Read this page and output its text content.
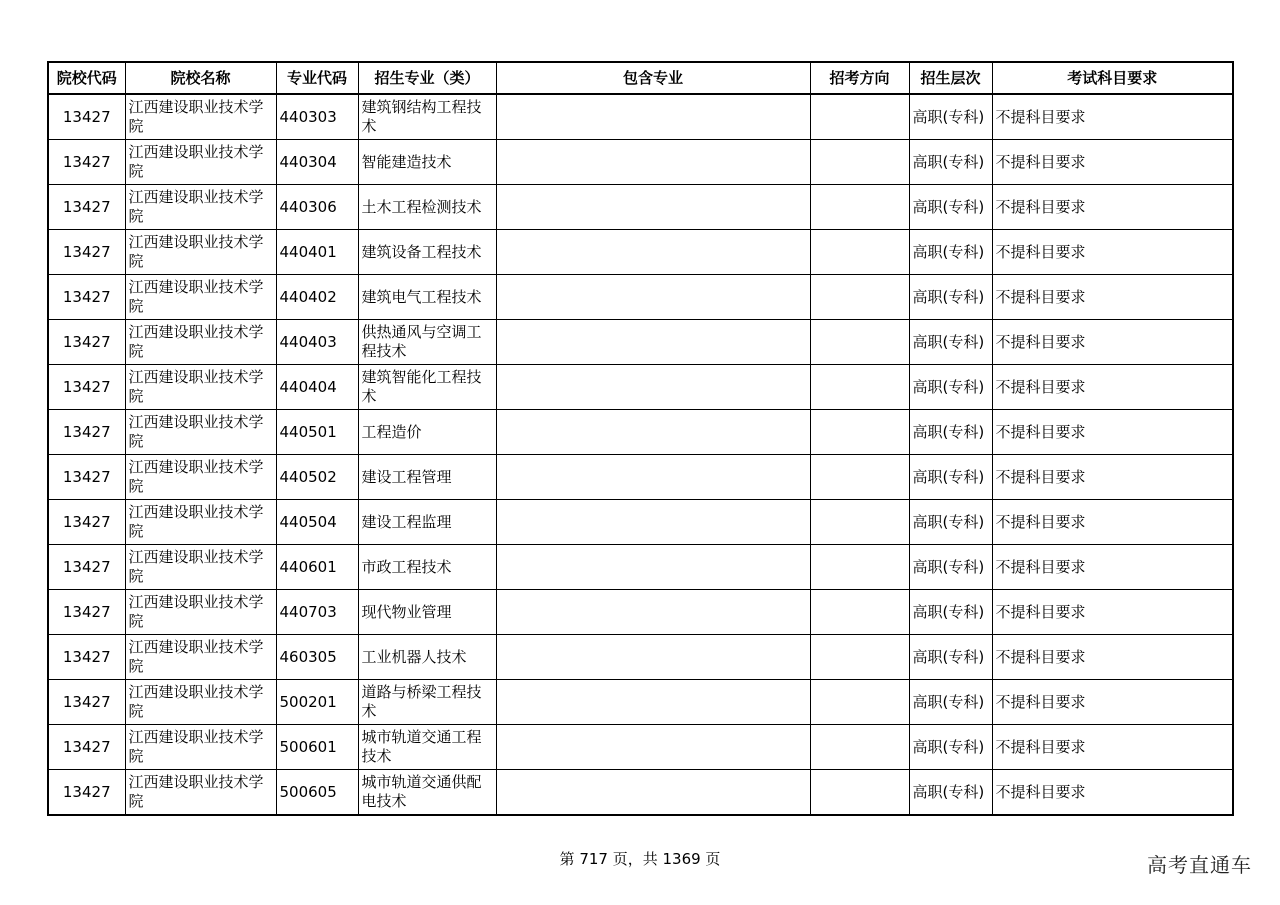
院校代码	院校名称	专业代码	招生专业（类）	包含专业	招考方向	招生层次	考试科目要求
13427	江西建设职业技术学院	440303	建筑钢结构工程技术			高职(专科)	不提科目要求
13427	江西建设职业技术学院	440304	智能建造技术			高职(专科)	不提科目要求
13427	江西建设职业技术学院	440306	土木工程检测技术			高职(专科)	不提科目要求
13427	江西建设职业技术学院	440401	建筑设备工程技术			高职(专科)	不提科目要求
13427	江西建设职业技术学院	440402	建筑电气工程技术			高职(专科)	不提科目要求
13427	江西建设职业技术学院	440403	供热通风与空调工程技术			高职(专科)	不提科目要求
13427	江西建设职业技术学院	440404	建筑智能化工程技术			高职(专科)	不提科目要求
13427	江西建设职业技术学院	440501	工程造价			高职(专科)	不提科目要求
13427	江西建设职业技术学院	440502	建设工程管理			高职(专科)	不提科目要求
13427	江西建设职业技术学院	440504	建设工程监理			高职(专科)	不提科目要求
13427	江西建设职业技术学院	440601	市政工程技术			高职(专科)	不提科目要求
13427	江西建设职业技术学院	440703	现代物业管理			高职(专科)	不提科目要求
13427	江西建设职业技术学院	460305	工业机器人技术			高职(专科)	不提科目要求
13427	江西建设职业技术学院	500201	道路与桥梁工程技术			高职(专科)	不提科目要求
13427	江西建设职业技术学院	500601	城市轨道交通工程技术			高职(专科)	不提科目要求
13427	江西建设职业技术学院	500605	城市轨道交通供配电技术			高职(专科)	不提科目要求
第 717 页，共 1369 页	高考直通车
